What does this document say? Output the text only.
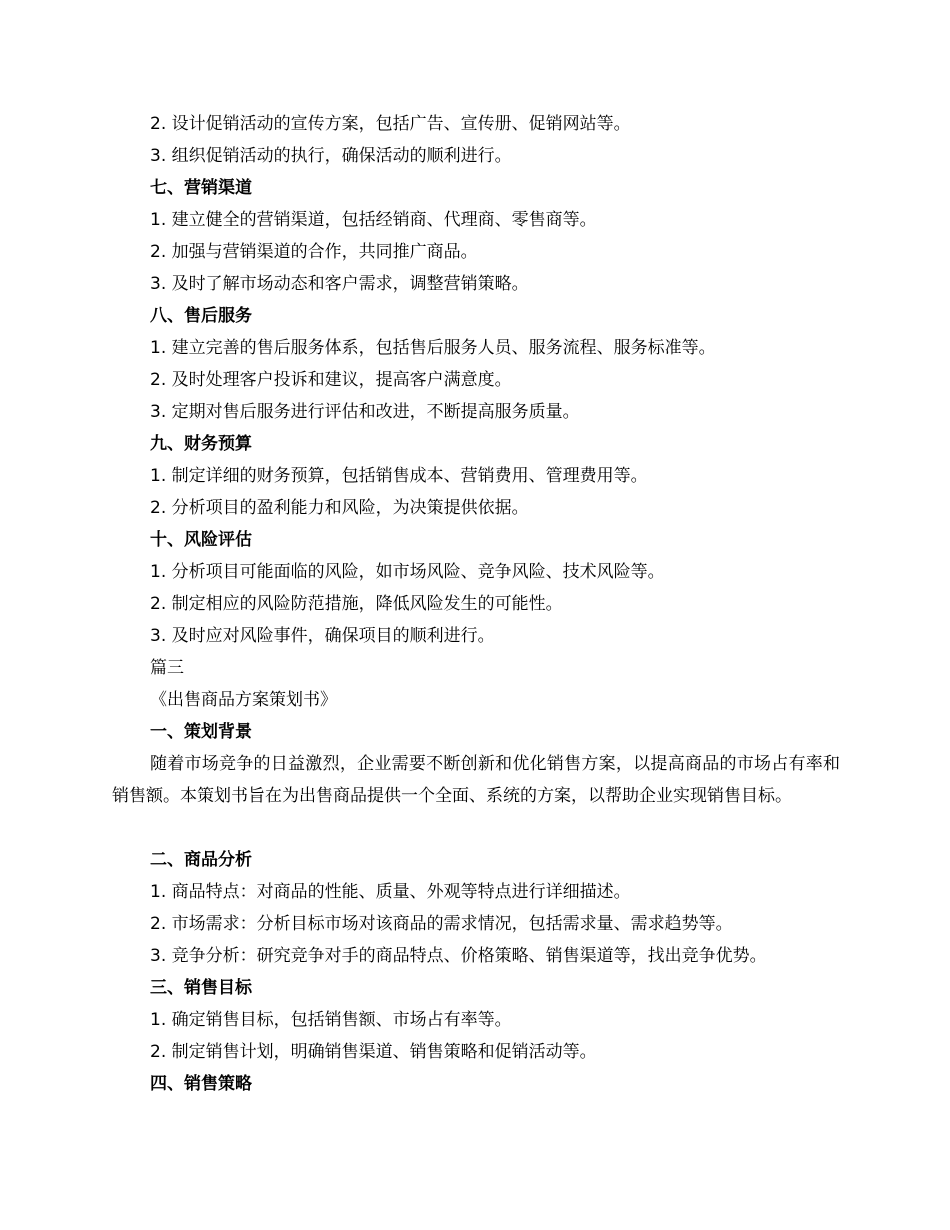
2. 设计促销活动的宣传方案，包括广告、宣传册、促销网站等。
3. 组织促销活动的执行，确保活动的顺利进行。
七、营销渠道
1. 建立健全的营销渠道，包括经销商、代理商、零售商等。
2. 加强与营销渠道的合作，共同推广商品。
3. 及时了解市场动态和客户需求，调整营销策略。
八、售后服务
1. 建立完善的售后服务体系，包括售后服务人员、服务流程、服务标准等。
2. 及时处理客户投诉和建议，提高客户满意度。
3. 定期对售后服务进行评估和改进，不断提高服务质量。
九、财务预算
1. 制定详细的财务预算，包括销售成本、营销费用、管理费用等。
2. 分析项目的盈利能力和风险，为决策提供依据。
十、风险评估
1. 分析项目可能面临的风险，如市场风险、竞争风险、技术风险等。
2. 制定相应的风险防范措施，降低风险发生的可能性。
3. 及时应对风险事件，确保项目的顺利进行。
篇三
《出售商品方案策划书》
一、策划背景
随着市场竞争的日益激烈，企业需要不断创新和优化销售方案，以提高商品的市场占有率和销售额。本策划书旨在为出售商品提供一个全面、系统的方案，以帮助企业实现销售目标。
二、商品分析
1. 商品特点：对商品的性能、质量、外观等特点进行详细描述。
2. 市场需求：分析目标市场对该商品的需求情况，包括需求量、需求趋势等。
3. 竞争分析：研究竞争对手的商品特点、价格策略、销售渠道等，找出竞争优势。
三、销售目标
1. 确定销售目标，包括销售额、市场占有率等。
2. 制定销售计划，明确销售渠道、销售策略和促销活动等。
四、销售策略
